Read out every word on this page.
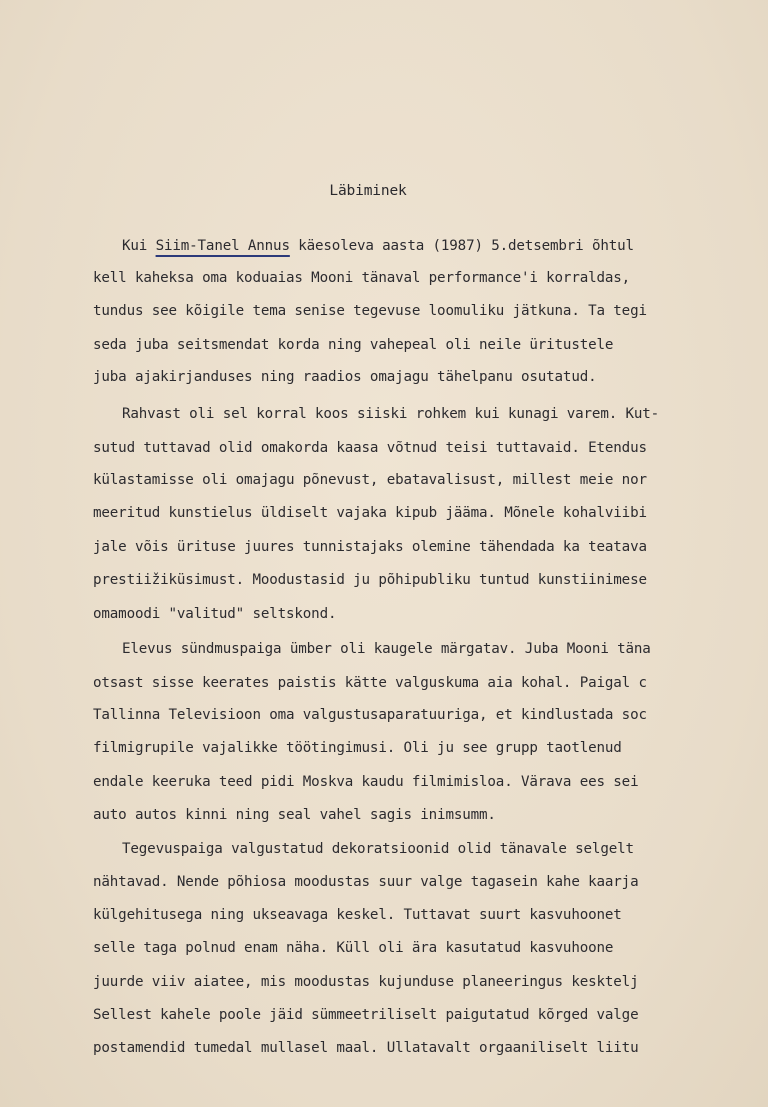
Läbiminek
Kui Siim-Tanel Annus käesoleva aasta (1987) 5.detsembri õhtul
kell kaheksa oma koduaias Mooni tänaval performance'i korraldas,
tundus see kõigile tema senise tegevuse loomuliku jätkuna. Ta tegi
seda juba seitsmendat korda ning vahepeal oli neile üritustele
juba ajakirjanduses ning raadios omajagu tähelpanu osutatud.
Rahvast oli sel korral koos siiski rohkem kui kunagi varem. Kut-
sutud tuttavad olid omakorda kaasa võtnud teisi tuttavaid. Etendus
külastamisse oli omajagu põnevust, ebatavalisust, millest meie nor
meeritud kunstielus üldiselt vajaka kipub jääma. Mõnele kohalviibi
jale võis ürituse juures tunnistajaks olemine tähendada ka teatava
prestiižiküsimust. Moodustasid ju põhipubliku tuntud kunstiinimese
omamoodi "valitud" seltskond.
Elevus sündmuspaiga ümber oli kaugele märgatav. Juba Mooni täna
otsast sisse keerates paistis kätte valguskuma aia kohal. Paigal c
Tallinna Televisioon oma valgustusaparatuuriga, et kindlustada soc
filmigrupile vajalikke töötingimusi. Oli ju see grupp taotlenud
endale keeruka teed pidi Moskva kaudu filmimisloa. Värava ees sei
auto autos kinni ning seal vahel sagis inimsumm.
Tegevuspaiga valgustatud dekoratsioonid olid tänavale selgelt
nähtavad. Nende põhiosa moodustas suur valge tagasein kahe kaarja
külgehitusega ning ukseavaga keskel. Tuttavat suurt kasvuhoonet
selle taga polnud enam näha. Küll oli ära kasutatud kasvuhoone
juurde viiv aiatee, mis moodustas kujunduse planeeringus kesktelj
Sellest kahele poole jäid sümmeetriliselt paigutatud kõrged valge
postamendid tumedal mullasel maal. Ullatavalt orgaaniliselt liitu
